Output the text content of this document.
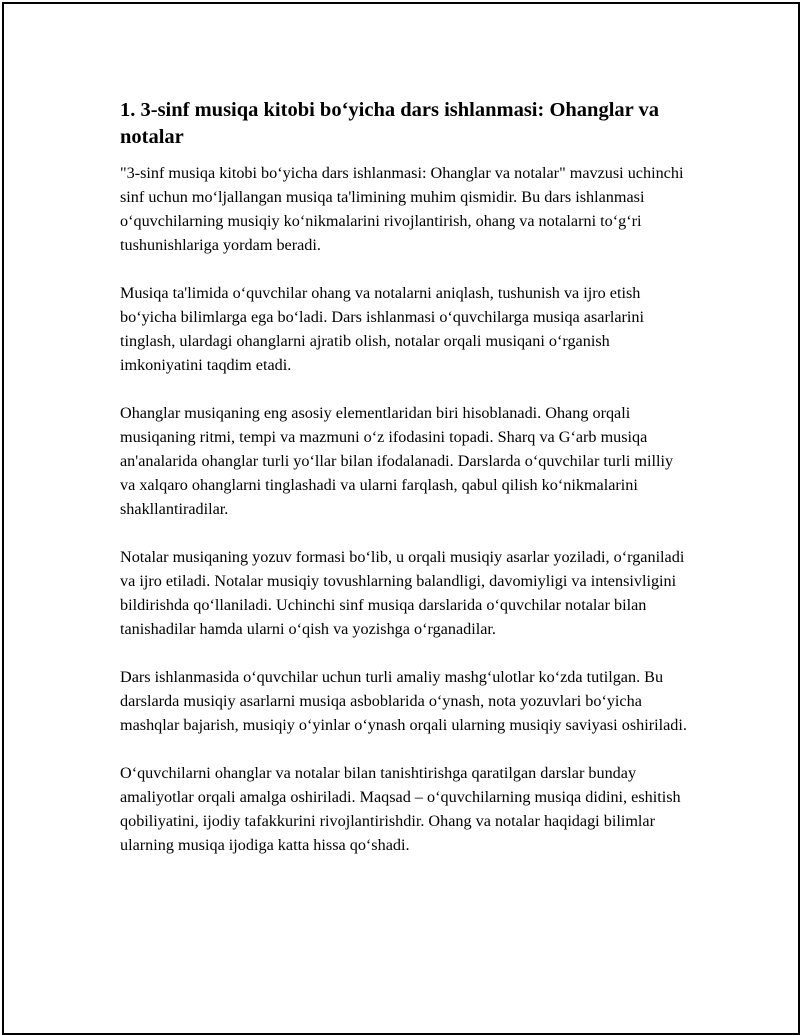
1. 3-sinf musiqa kitobi bo‘yicha dars ishlanmasi: Ohanglar va notalar

"3-sinf musiqa kitobi bo‘yicha dars ishlanmasi: Ohanglar va notalar" mavzusi uchinchi sinf uchun mo‘ljallangan musiqa ta'limining muhim qismidir. Bu dars ishlanmasi o‘quvchilarning musiqiy ko‘nikmalarini rivojlantirish, ohang va notalarni to‘g‘ri tushunishlariga yordam beradi.

Musiqa ta'limida o‘quvchilar ohang va notalarni aniqlash, tushunish va ijro etish bo‘yicha bilimlarga ega bo‘ladi. Dars ishlanmasi o‘quvchilarga musiqa asarlarini tinglash, ulardagi ohanglarni ajratib olish, notalar orqali musiqani o‘rganish imkoniyatini taqdim etadi.

Ohanglar musiqaning eng asosiy elementlaridan biri hisoblanadi. Ohang orqali musiqaning ritmi, tempi va mazmuni o‘z ifodasini topadi. Sharq va G‘arb musiqa an'analarida ohanglar turli yo‘llar bilan ifodalanadi. Darslarda o‘quvchilar turli milliy va xalqaro ohanglarni tinglashadi va ularni farqlash, qabul qilish ko‘nikmalarini shakllantiradilar.

Notalar musiqaning yozuv formasi bo‘lib, u orqali musiqiy asarlar yoziladi, o‘rganiladi va ijro etiladi. Notalar musiqiy tovushlarning balandligi, davomiyligi va intensivligini bildirishda qo‘llaniladi. Uchinchi sinf musiqa darslarida o‘quvchilar notalar bilan tanishadilar hamda ularni o‘qish va yozishga o‘rganadilar.

Dars ishlanmasida o‘quvchilar uchun turli amaliy mashg‘ulotlar ko‘zda tutilgan. Bu darslarda musiqiy asarlarni musiqa asboblarida o‘ynash, nota yozuvlari bo‘yicha mashqlar bajarish, musiqiy o‘yinlar o‘ynash orqali ularning musiqiy saviyasi oshiriladi.

O‘quvchilarni ohanglar va notalar bilan tanishtirishga qaratilgan darslar bunday amaliyotlar orqali amalga oshiriladi. Maqsad – o‘quvchilarning musiqa didini, eshitish qobiliyatini, ijodiy tafakkurini rivojlantirishdir. Ohang va notalar haqidagi bilimlar ularning musiqa ijodiga katta hissa qo‘shadi.
